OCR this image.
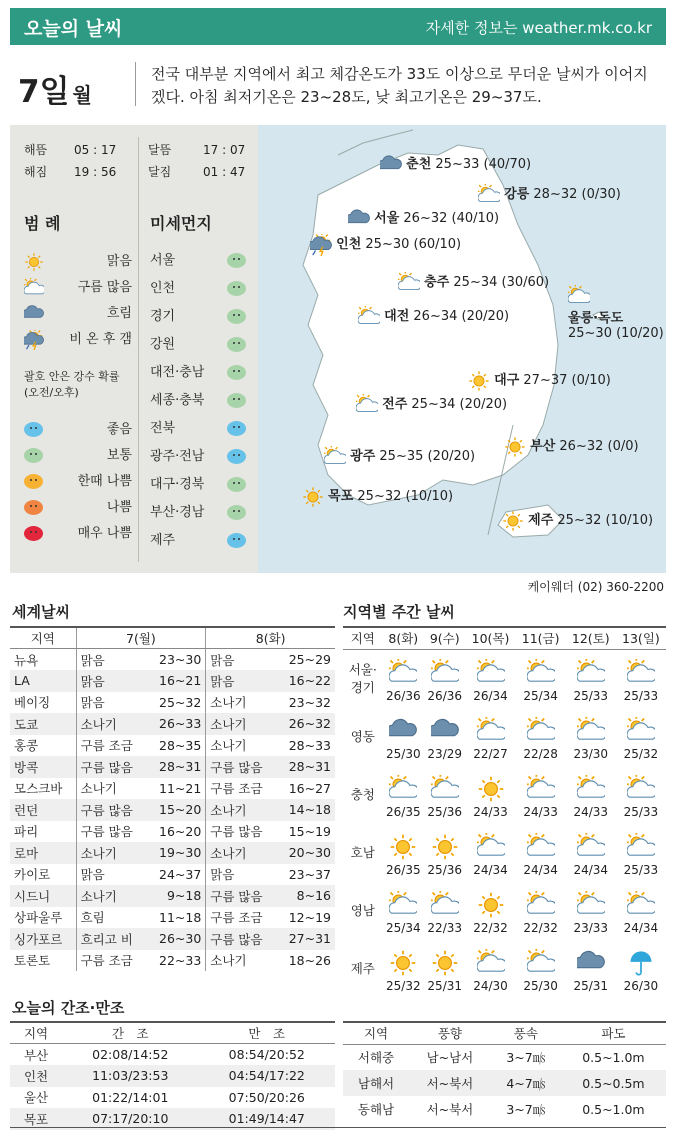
오늘의 날씨	자세한 정보는 weather.mk.co.kr
7일 월
전국 대부분 지역에서 최고 체감온도가 33도 이상으로 무더운 날씨가 이어지겠다. 아침 최저기온은 23~28도, 낮 최고기온은 29~37도.
해뜸 05 : 17
해짐 19 : 56
달뜸	17 : 07
달짐	01 : 47
범 례	미세먼지
맑음
구름 많음
흐림
비 온 후 갬
괄호 안은 강수 확률
(오전/오후)
좋음
보통
한때 나쁨
나쁨
매우 나쁨
서울
인천
경기
강원
대전·충남
세종·충북
전북
광주·전남
대구·경북
부산·경남
제주
춘천 25~33 (40/70)
강릉 28~32 (0/30)
서울 26~32 (40/10)
인천 25~30 (60/10)
충주 25~34 (30/60)
대전 26~34 (20/20)	울릉·독도
25~30 (10/20)
대구 27~37 (0/10)
전주 25~34 (20/20)
부산 26~32 (0/0)
광주 25~35 (20/20)
목포 25~32 (10/10)
제주 25~32 (10/10)
케이웨더 (02) 360-2200
세계날씨
지역	7(월)		8(화)	
뉴욕	맑음	23~30	맑음	25~29
LA	맑음	16~21	맑음	16~22
베이징	맑음	25~32	소나기	23~32
도쿄	소나기	26~33	소나기	26~32
홍콩	구름 조금	28~35	소나기	28~33
방콕	구름 많음	28~31	구름 많음	28~31
모스크바	소나기	11~21	구름 조금	16~27
런던	구름 많음	15~20	소나기	14~18
파리	구름 많음	16~20	구름 많음	15~19
로마	소나기	19~30	소나기	20~30
카이로	맑음	24~37	맑음	23~37
시드니	소나기	9~18	구름 많음	8~16
상파울루	흐림	11~18	구름 조금	12~19
싱가포르	흐리고 비	26~30	구름 많음	27~31
토론토	구름 조금	22~33	소나기	18~26
지역별 주간 날씨
지역	8(화)	9(수)	10(목)	11(금)	12(토)	13(일)
서울·
경기	26/36	26/36	26/34	25/34	25/33	25/33
영동	25/30	23/29	22/27	22/28	23/30	25/32
충청	26/35	25/36	24/33	24/33	24/33	25/33
호남	26/35	25/36	24/34	24/34	24/34	25/33
영남	25/34	22/33	22/32	22/32	23/33	24/34
제주	25/32	25/31	24/30	25/30	25/31	26/30
오늘의 간조·만조
지역	간　조	만　조
부산	02:08/14:52	08:54/20:52
인천	11:03/23:53	04:54/17:22
울산	01:22/14:01	07:50/20:26
목포	07:17/20:10	01:49/14:47
지역	풍향	풍속	파도
서해중	남~남서	3~7㎧	0.5~1.0m
남해서	서~북서	4~7㎧	0.5~0.5m
동해남	서~북서	3~7㎧	0.5~1.0m
